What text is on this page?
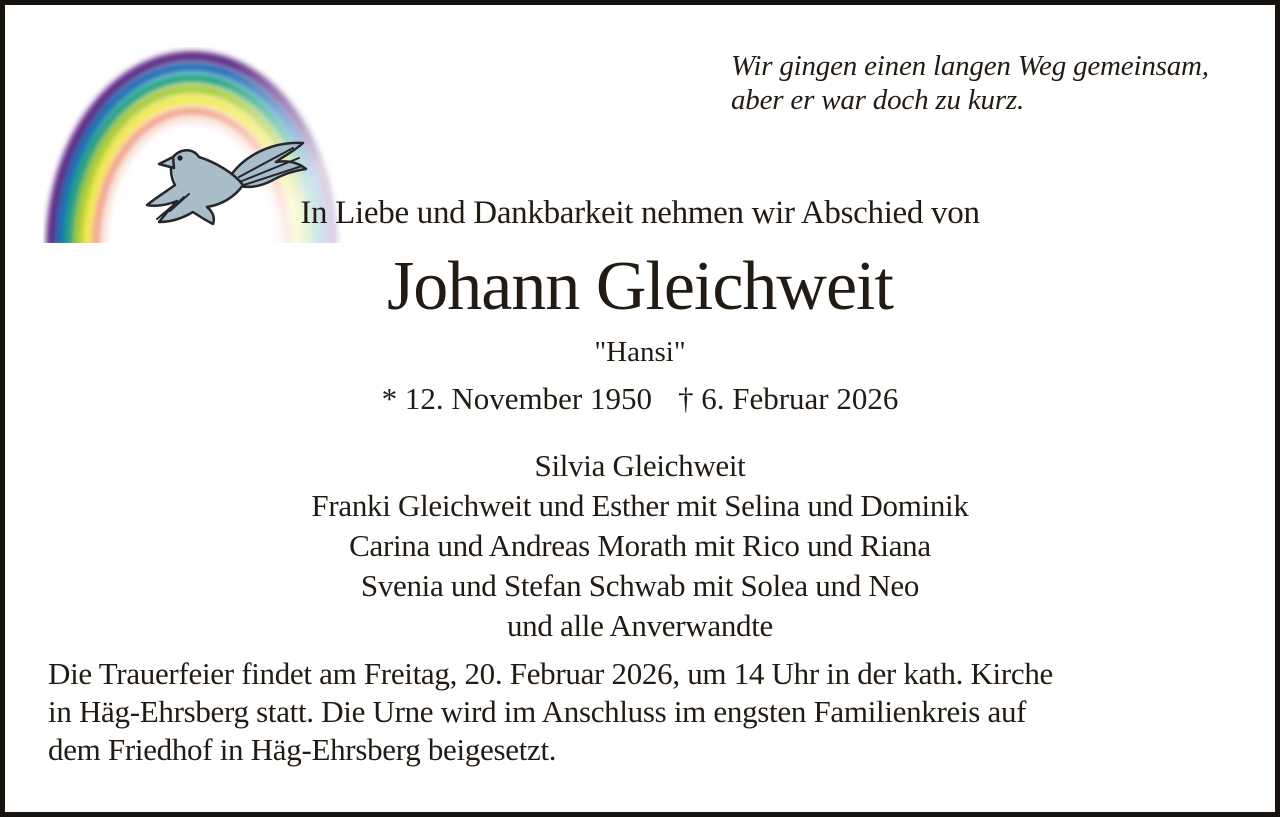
Wir gingen einen langen Weg gemeinsam,
aber er war doch zu kurz.
In Liebe und Dankbarkeit nehmen wir Abschied von
Johann Gleichweit
"Hansi"
* 12. November 1950 † 6. Februar 2026
Silvia Gleichweit
Franki Gleichweit und Esther mit Selina und Dominik
Carina und Andreas Morath mit Rico und Riana
Svenia und Stefan Schwab mit Solea und Neo
und alle Anverwandte
Die Trauerfeier findet am Freitag, 20. Februar 2026, um 14 Uhr in der kath. Kirche
in Häg-Ehrsberg statt. Die Urne wird im Anschluss im engsten Familienkreis auf
dem Friedhof in Häg-Ehrsberg beigesetzt.
